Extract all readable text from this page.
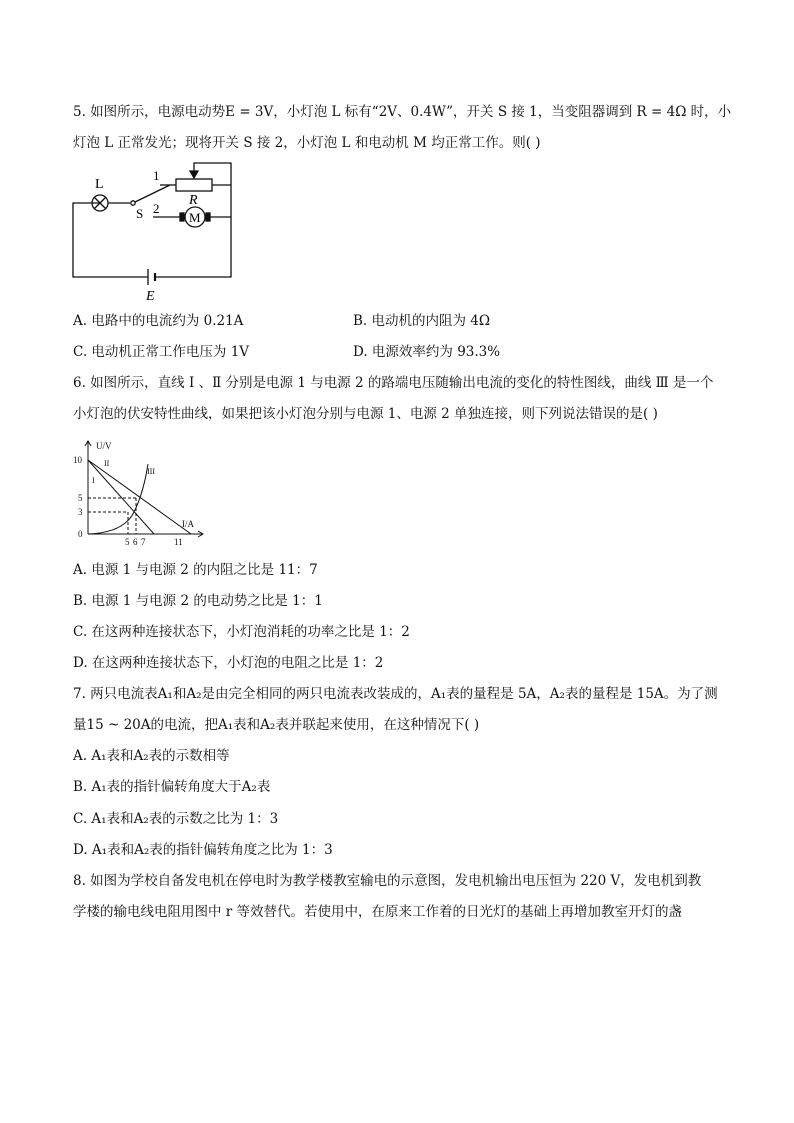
5. 如图所示，电源电动势E = 3V，小灯泡 L 标有“2V、0.4W”，开关 S 接 1，当变阻器调到 R = 4Ω 时，小
灯泡 L 正常发光；现将开关 S 接 2，小灯泡 L 和电动机 M 均正常工作。则( )
L
1
2
S
R
M
E
A. 电路中的电流约为 0.21A	B. 电动机的内阻为 4Ω
C. 电动机正常工作电压为 1V	D. 电源效率约为 93.3%
6. 如图所示，直线 Ⅰ 、Ⅱ 分别是电源 1 与电源 2 的路端电压随输出电流的变化的特性图线，曲线 Ⅲ 是一个
小灯泡的伏安特性曲线，如果把该小灯泡分别与电源 1、电源 2 单独连接，则下列说法错误的是( )
U/V
I/A
10
5
3
0
5 6 7	11
I
II
III
A. 电源 1 与电源 2 的内阻之比是 11：7
B. 电源 1 与电源 2 的电动势之比是 1：1
C. 在这两种连接状态下，小灯泡消耗的功率之比是 1：2
D. 在这两种连接状态下，小灯泡的电阻之比是 1：2
7. 两只电流表A₁和A₂是由完全相同的两只电流表改装成的，A₁表的量程是 5A，A₂表的量程是 15A。为了测
量15 ~ 20A的电流，把A₁表和A₂表并联起来使用，在这种情况下( )
A. A₁表和A₂表的示数相等
B. A₁表的指针偏转角度大于A₂表
C. A₁表和A₂表的示数之比为 1：3
D. A₁表和A₂表的指针偏转角度之比为 1：3
8. 如图为学校自备发电机在停电时为教学楼教室输电的示意图，发电机输出电压恒为 220 V，发电机到教
学楼的输电线电阻用图中 r 等效替代。若使用中，在原来工作着的日光灯的基础上再增加教室开灯的盏
